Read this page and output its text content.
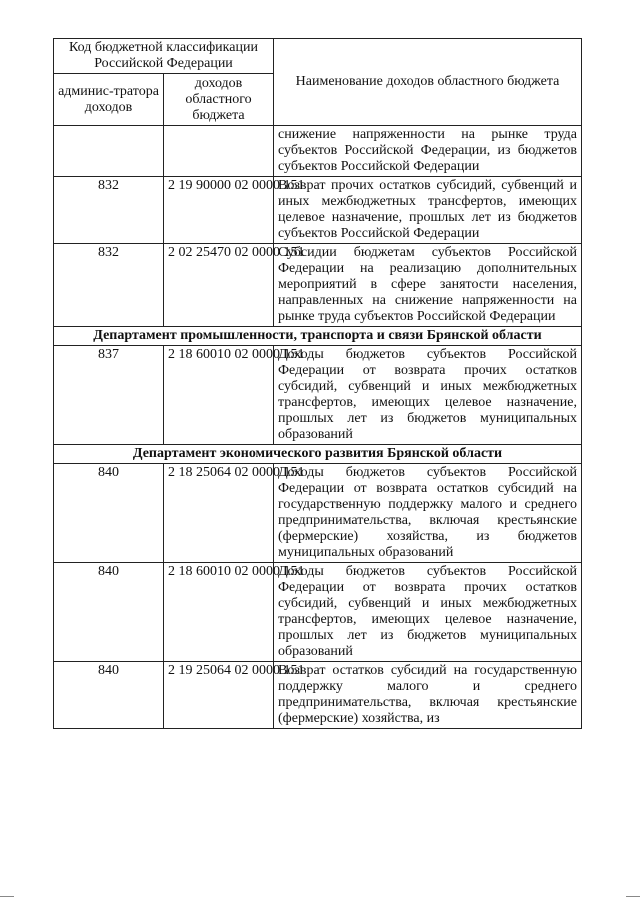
Код бюджетной классификации Российской Федерации		Наименование доходов областного бюджета
админис-тратора доходов	доходов областного бюджета	
		снижение напряженности на рынке труда субъектов Российской Федерации, из бюджетов субъектов Российской Федерации
832	2 19 90000 02 0000 151	Возврат прочих остатков субсидий, субвенций и иных межбюджетных трансфертов, имеющих целевое назначение, прошлых лет из бюджетов субъектов Российской Федерации
832	2 02 25470 02 0000 151	Субсидии бюджетам субъектов Российской Федерации на реализацию дополнительных мероприятий в сфере занятости населения, направленных на снижение напряженности на рынке труда субъектов Российской Федерации
Департамент промышленности, транспорта и связи Брянской области		
837	2 18 60010 02 0000 151	Доходы бюджетов субъектов Российской Федерации от возврата прочих остатков субсидий, субвенций и иных межбюджетных трансфертов, имеющих целевое назначение, прошлых лет из бюджетов муниципальных образований
Департамент экономического развития Брянской области		
840	2 18 25064 02 0000 151	Доходы бюджетов субъектов Российской Федерации от возврата остатков субсидий на государственную поддержку малого и среднего предпринимательства, включая крестьянские (фермерские) хозяйства, из бюджетов муниципальных образований
840	2 18 60010 02 0000 151	Доходы бюджетов субъектов Российской Федерации от возврата прочих остатков субсидий, субвенций и иных межбюджетных трансфертов, имеющих целевое назначение, прошлых лет из бюджетов муниципальных образований
840	2 19 25064 02 0000 151	Возврат остатков субсидий на государственную поддержку малого и среднего предпринимательства, включая крестьянские (фермерские) хозяйства, из
